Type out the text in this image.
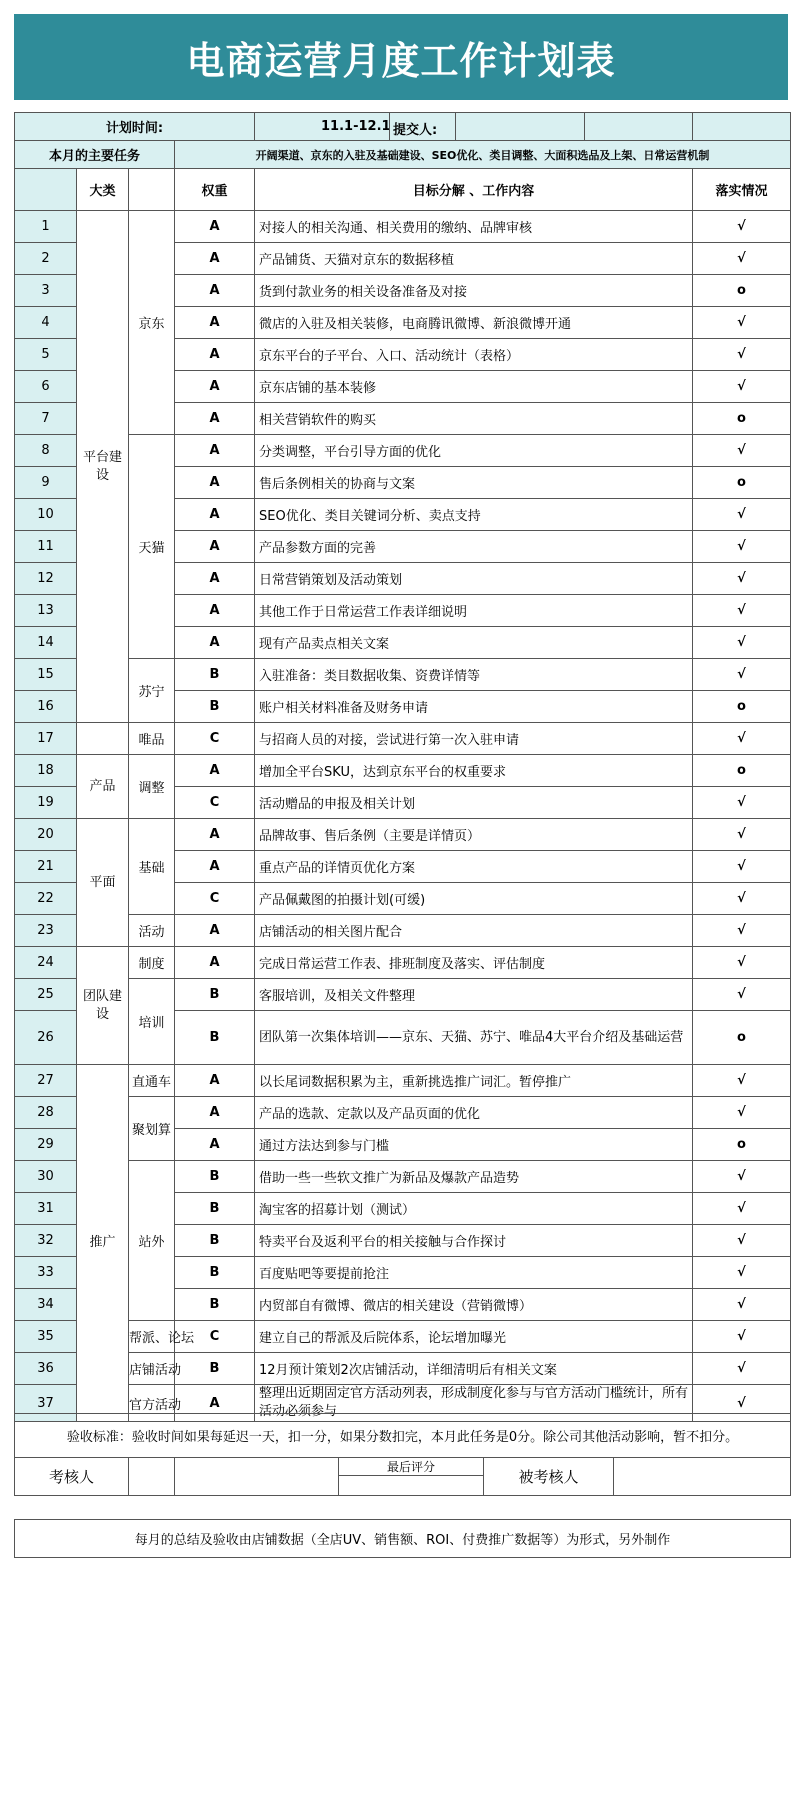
电商运营月度工作计划表
计划时间:				11.1-12.1 提交人:		

本月的主要任务			开阔渠道、京东的入驻及基础建设、SEO优化、类目调整、大面积选品及上架、日常运营机制			
	大类		权重	目标分解 、工作内容		落实情况
1	平台建设	京东	A	对接人的相关沟通、相关费用的缴纳、品牌审核		√
2			A	产品铺货、天猫对京东的数据移植		√
3			A	货到付款业务的相关设备准备及对接		o
4			A	微店的入驻及相关装修，电商腾讯微博、新浪微博开通		√
5			A	京东平台的子平台、入口、活动统计（表格）		√
6			A	京东店铺的基本装修		√
7			A	相关营销软件的购买		o
8		天猫	A	分类调整，平台引导方面的优化		√
9			A	售后条例相关的协商与文案		o
10			A	SEO优化、类目关键词分析、卖点支持		√
11			A	产品参数方面的完善		√
12			A	日常营销策划及活动策划		√
13			A	其他工作于日常运营工作表详细说明		√
14			A	现有产品卖点相关文案		√
15		苏宁	B	入驻准备：类目数据收集、资费详情等		√
16			B	账户相关材料准备及财务申请		o
17		唯品	C	与招商人员的对接，尝试进行第一次入驻申请		√
18	产品	调整	A	增加全平台SKU，达到京东平台的权重要求		o
19			C	活动赠品的申报及相关计划		√
20	平面	基础	A	品牌故事、售后条例（主要是详情页）		√
21			A	重点产品的详情页优化方案		√
22			C	产品佩戴图的拍摄计划(可缓)		√
23		活动	A	店铺活动的相关图片配合		√
24	团队建设	制度	A	完成日常运营工作表、排班制度及落实、评估制度		√
25		培训	B	客服培训，及相关文件整理		√
26			B	团队第一次集体培训——京东、天猫、苏宁、唯品4大平台介绍及基础运营		o
27	推广	直通车	A	以长尾词数据积累为主，重新挑选推广词汇。暂停推广		√
28		聚划算	A	产品的选款、定款以及产品页面的优化		√
29			A	通过方法达到参与门槛		o
30		站外	B	借助一些一些软文推广为新品及爆款产品造势		√
31			B	淘宝客的招募计划（测试）		√
32			B	特卖平台及返利平台的相关接触与合作探讨		√
33			B	百度贴吧等要提前抢注		√
34			B	内贸部自有微博、微店的相关建设（营销微博）		√
35		帮派、论坛	C	建立自己的帮派及后院体系，论坛增加曝光		√
36		店铺活动	B	12月预计策划2次店铺活动，详细清明后有相关文案		√
37		官方活动	A	整理出近期固定官方活动列表，形成制度化参与与官方活动门槛统计，所有活动必须参与		√
验收标准：验收时间如果每延迟一天，扣一分，如果分数扣完，本月此任务是0分。除公司其他活动影响，暂不扣分。
考核人			最后评分	被考核人	

每月的总结及验收由店铺数据（全店UV、销售额、ROI、付费推广数据等）为形式，另外制作
